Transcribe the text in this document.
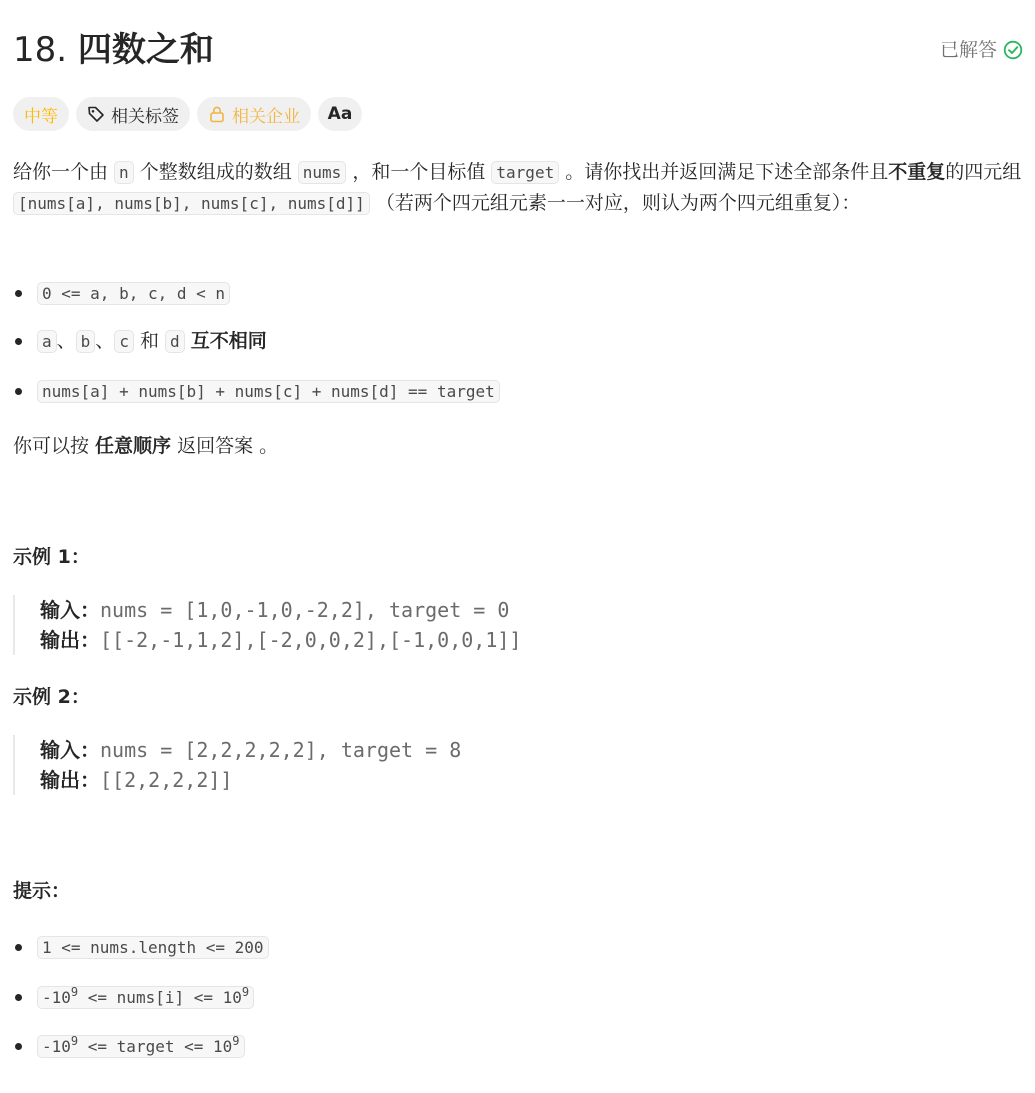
18. 四数之和	已解答
中等	相关标签	相关企业 Aa
给你一个由 n 个整数组成的数组 nums ，和一个目标值 target 。请你找出并返回满足下述全部条件且不重复的四元组 [nums[a], nums[b], nums[c], nums[d]] （若两个四元组元素一一对应，则认为两个四元组重复）：
0 <= a, b, c, d < n
a 、 b 、 c 和 d 互不相同
nums[a] + nums[b] + nums[c] + nums[d] == target
你可以按 任意顺序 返回答案 。
示例 1：
输入：nums = [1,0,-1,0,-2,2], target = 0
输出：[[-2,-1,1,2],[-2,0,0,2],[-1,0,0,1]]
示例 2：
输入：nums = [2,2,2,2,2], target = 8
输出：[[2,2,2,2]]
提示：
1 <= nums.length <= 200
$-10^9$ <= nums[i] <= $10^9$
$-10^9$ <= target <= $10^9$
